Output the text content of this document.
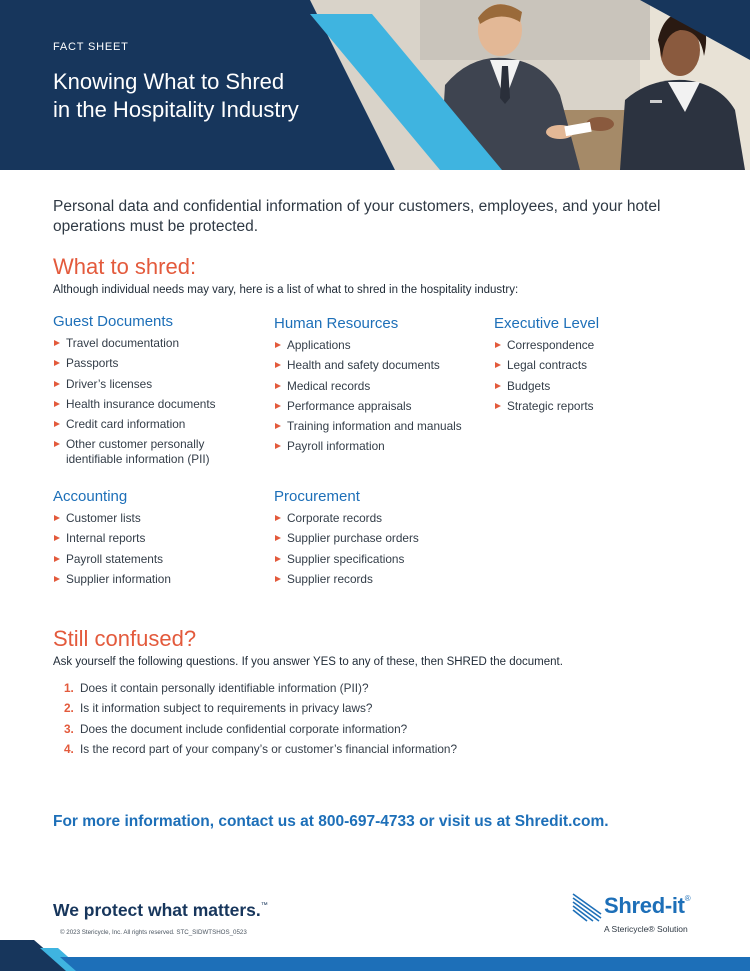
FACT SHEET
Knowing What to Shred
in the Hospitality Industry

Personal data and confidential information of your customers, employees, and your hotel operations must be protected.

What to shred:

Although individual needs may vary, here is a list of what to shred in the hospitality industry:

Guest Documents
Travel documentation
Passports
Driver’s licenses
Health insurance documents
Credit card information
Other customer personally identifiable information (PII)
Human Resources
Applications
Health and safety documents
Medical records
Performance appraisals
Training information and manuals
Payroll information
Executive Level
Correspondence
Legal contracts
Budgets
Strategic reports
Accounting
Customer lists
Internal reports
Payroll statements
Supplier information
Procurement
Corporate records
Supplier purchase orders
Supplier specifications
Supplier records
Still confused?

Ask yourself the following questions. If you answer YES to any of these, then SHRED the document.

1. Does it contain personally identifiable information (PII)?
2. Is it information subject to requirements in privacy laws?
3. Does the document include confidential corporate information?
4. Is the record part of your company’s or customer’s financial information?

For more information, contact us at 800-697-4733 or visit us at Shredit.com.

We protect what matters.™
© 2023 Stericycle, Inc. All rights reserved. STC_SIDWTSHOS_0523
Shred-it®
A Stericycle® Solution
